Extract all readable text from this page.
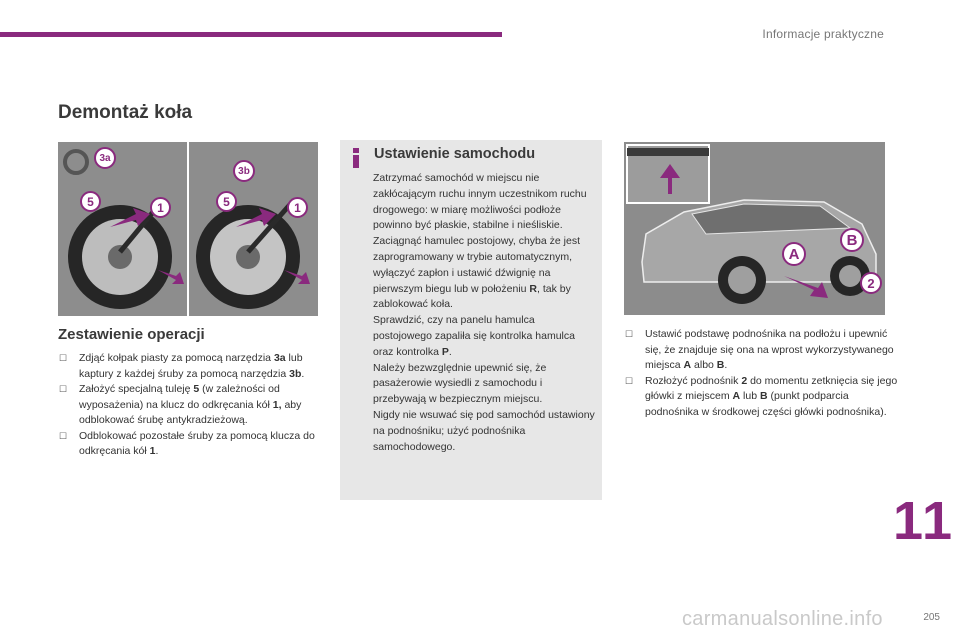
Informacje praktyczne
Demontaż koła
3a
3b
5	5
1	1
Zestawienie operacji
☐ Zdjąć kołpak piasty za pomocą narzędzia 3a lub kaptury z każdej śruby za pomocą narzędzia 3b.
☐ Założyć specjalną tuleję 5 (w zależności od wyposażenia) na klucz do odkręcania kół 1, aby odblokować śrubę antykradzieżową.
☐ Odblokować pozostałe śruby za pomocą klucza do odkręcania kół 1.
Ustawienie samochodu

Zatrzymać samochód w miejscu nie zakłócającym ruchu innym uczestnikom ruchu drogowego: w miarę możliwości podłoże powinno być płaskie, stabilne i nieśliskie.

Zaciągnąć hamulec postojowy, chyba że jest zaprogramowany w trybie automatycznym, wyłączyć zapłon i ustawić dźwignię na pierwszym biegu lub w położeniu R, tak by zablokować koła.

Sprawdzić, czy na panelu hamulca postojowego zapaliła się kontrolka hamulca oraz kontrolka P.

Należy bezwzględnie upewnić się, że pasażerowie wysiedli z samochodu i przebywają w bezpiecznym miejscu.

Nigdy nie wsuwać się pod samochód ustawiony na podnośniku; użyć podnośnika samochodowego.

A
B
2
☐ Ustawić podstawę podnośnika na podłożu i upewnić się, że znajduje się ona na wprost wykorzystywanego miejsca A albo B.
☐ Rozłożyć podnośnik 2 do momentu zetknięcia się jego główki z miejscem A lub B (punkt podparcia podnośnika w środkowej części główki podnośnika).
11
carmanualsonline.info	205
